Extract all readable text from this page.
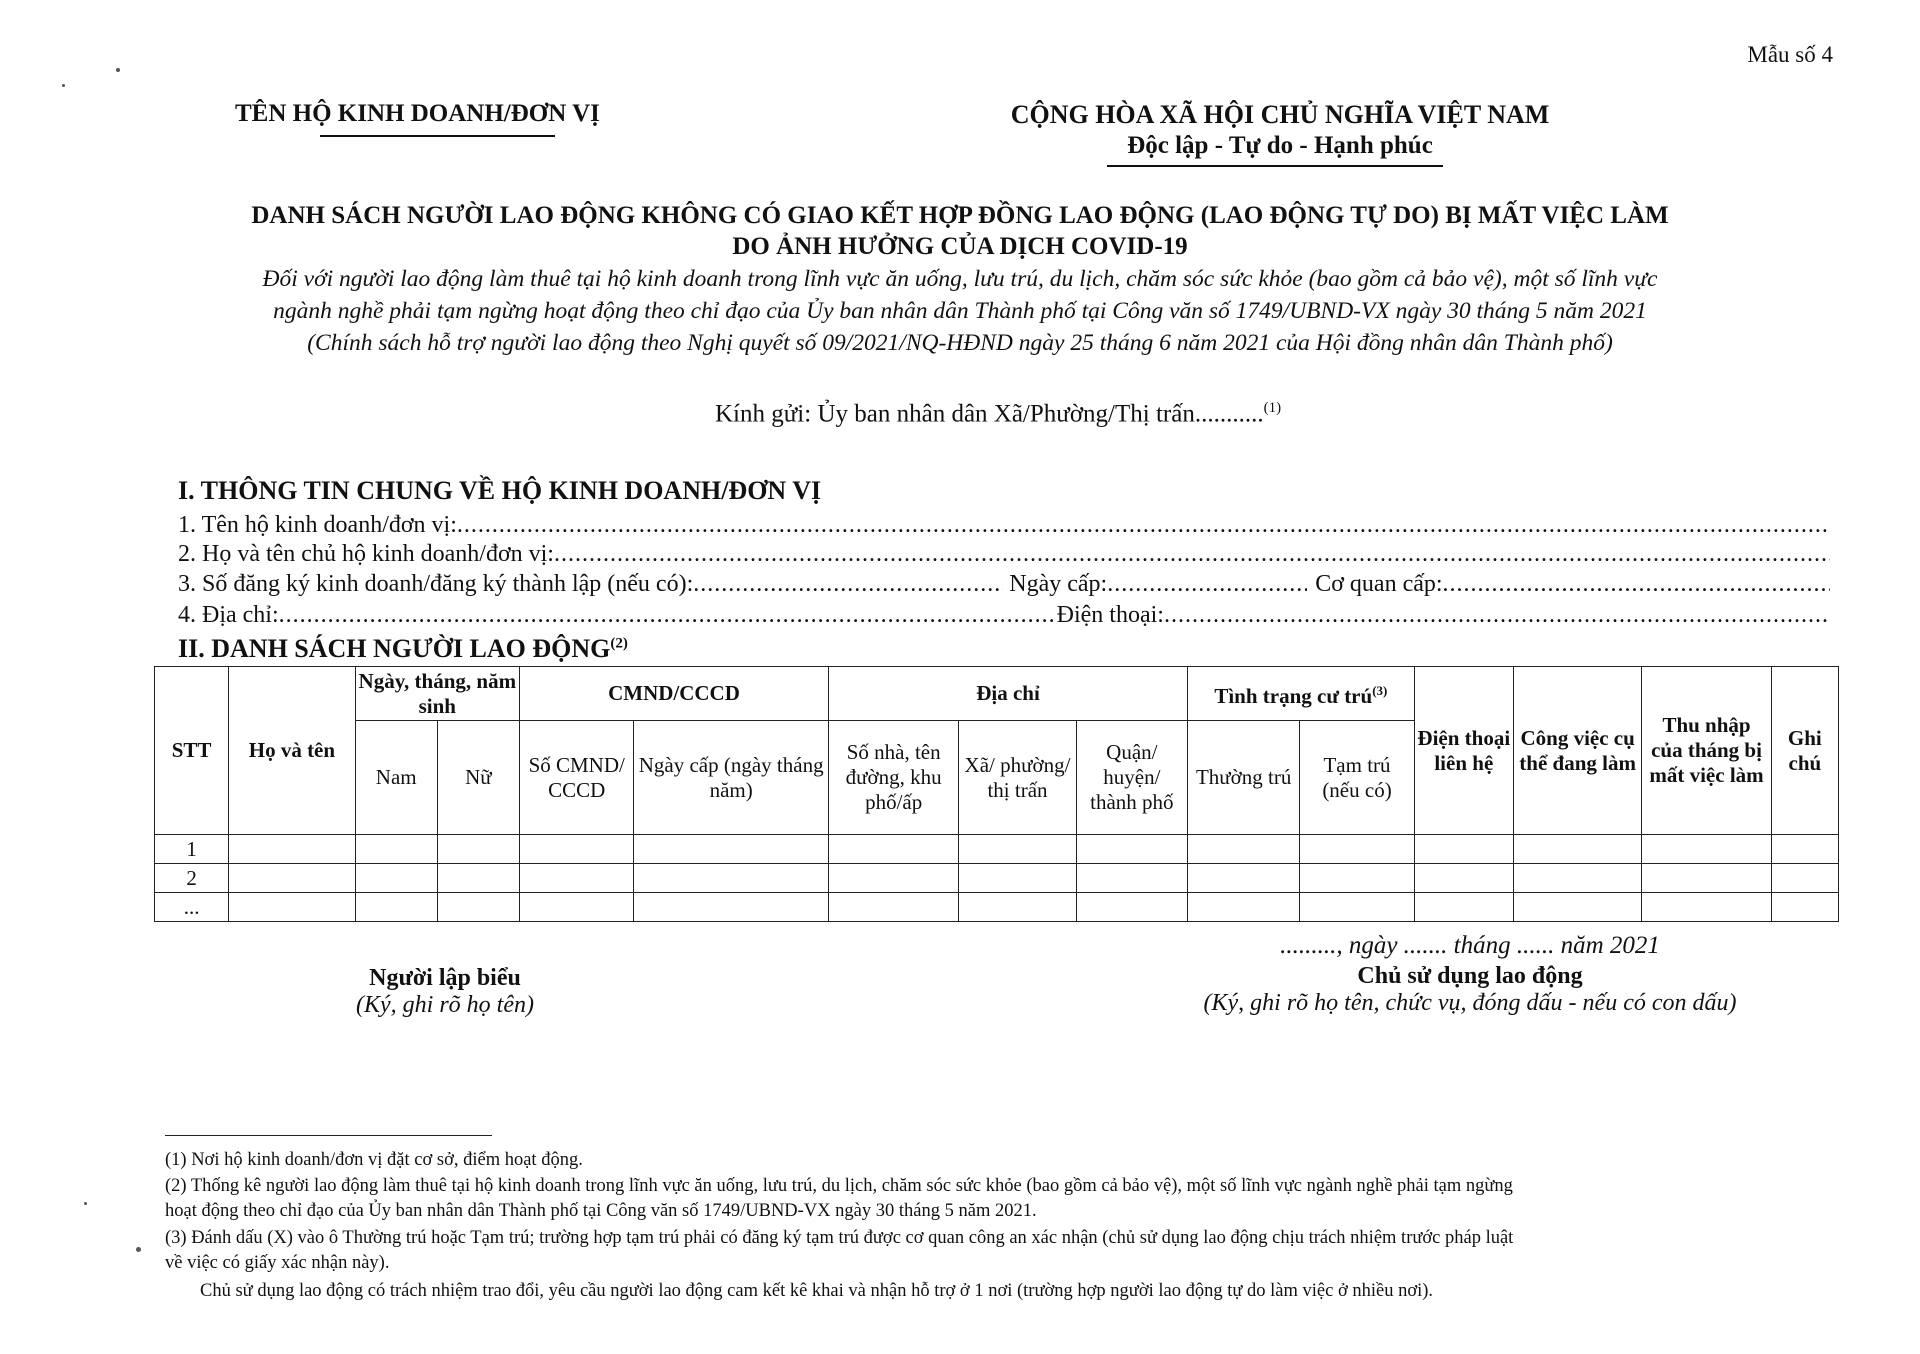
Mẫu số 4
TÊN HỘ KINH DOANH/ĐƠN VỊ	CỘNG HÒA XÃ HỘI CHỦ NGHĨA VIỆT NAM
Độc lập - Tự do - Hạnh phúc
DANH SÁCH NGƯỜI LAO ĐỘNG KHÔNG CÓ GIAO KẾT HỢP ĐỒNG LAO ĐỘNG (LAO ĐỘNG TỰ DO) BỊ MẤT VIỆC LÀM
DO ẢNH HƯỞNG CỦA DỊCH COVID-19
Đối với người lao động làm thuê tại hộ kinh doanh trong lĩnh vực ăn uống, lưu trú, du lịch, chăm sóc sức khỏe (bao gồm cả bảo vệ), một số lĩnh vực
ngành nghề phải tạm ngừng hoạt động theo chỉ đạo của Ủy ban nhân dân Thành phố tại Công văn số 1749/UBND-VX ngày 30 tháng 5 năm 2021
(Chính sách hỗ trợ người lao động theo Nghị quyết số 09/2021/NQ-HĐND ngày 25 tháng 6 năm 2021 của Hội đồng nhân dân Thành phố)
Kính gửi: Ủy ban nhân dân Xã/Phường/Thị trấn...........$^{(1)}$
I. THÔNG TIN CHUNG VỀ HỘ KINH DOANH/ĐƠN VỊ
1. Tên hộ kinh doanh/đơn vị:
.....
2. Họ và tên chủ hộ kinh doanh/đơn vị:
.....
3. Số đăng ký kinh doanh/đăng ký thành lập (nếu có): .....	Ngày cấp: .....	Cơ quan cấp:
.....
4. Địa chỉ: .....	Điện thoại:
.....
II. DANH SÁCH NGƯỜI LAO ĐỘNG$^{(2)}$
STT	Họ và tên	Ngày, tháng, năm sinh		CMND/CCCD		Địa chỉ			Tình trạng cư trú$^{(3)}$		Điện thoại liên hệ	Công việc cụ thể đang làm	Thu nhập của tháng bị mất việc làm	Ghi chú
		Nam	Nữ	Số CMND/ CCCD	Ngày cấp (ngày tháng năm)	Số nhà, tên đường, khu phố/ấp	Xã/ phường/ thị trấn	Quận/ huyện/ thành phố	Thường trú	Tạm trú (nếu có)				
1														
2														
...														
........., ngày ....... tháng ...... năm 2021
Chủ sử dụng lao động
(Ký, ghi rõ họ tên, chức vụ, đóng dấu - nếu có con dấu)
Người lập biểu
(Ký, ghi rõ họ tên)
(1) Nơi hộ kinh doanh/đơn vị đặt cơ sở, điểm hoạt động.
(2) Thống kê người lao động làm thuê tại hộ kinh doanh trong lĩnh vực ăn uống, lưu trú, du lịch, chăm sóc sức khỏe (bao gồm cả bảo vệ), một số lĩnh vực ngành nghề phải tạm ngừng
hoạt động theo chỉ đạo của Ủy ban nhân dân Thành phố tại Công văn số 1749/UBND-VX ngày 30 tháng 5 năm 2021.
(3) Đánh dấu (X) vào ô Thường trú hoặc Tạm trú; trường hợp tạm trú phải có đăng ký tạm trú được cơ quan công an xác nhận (chủ sử dụng lao động chịu trách nhiệm trước pháp luật
về việc có giấy xác nhận này).
Chủ sử dụng lao động có trách nhiệm trao đổi, yêu cầu người lao động cam kết kê khai và nhận hỗ trợ ở 1 nơi (trường hợp người lao động tự do làm việc ở nhiều nơi).
